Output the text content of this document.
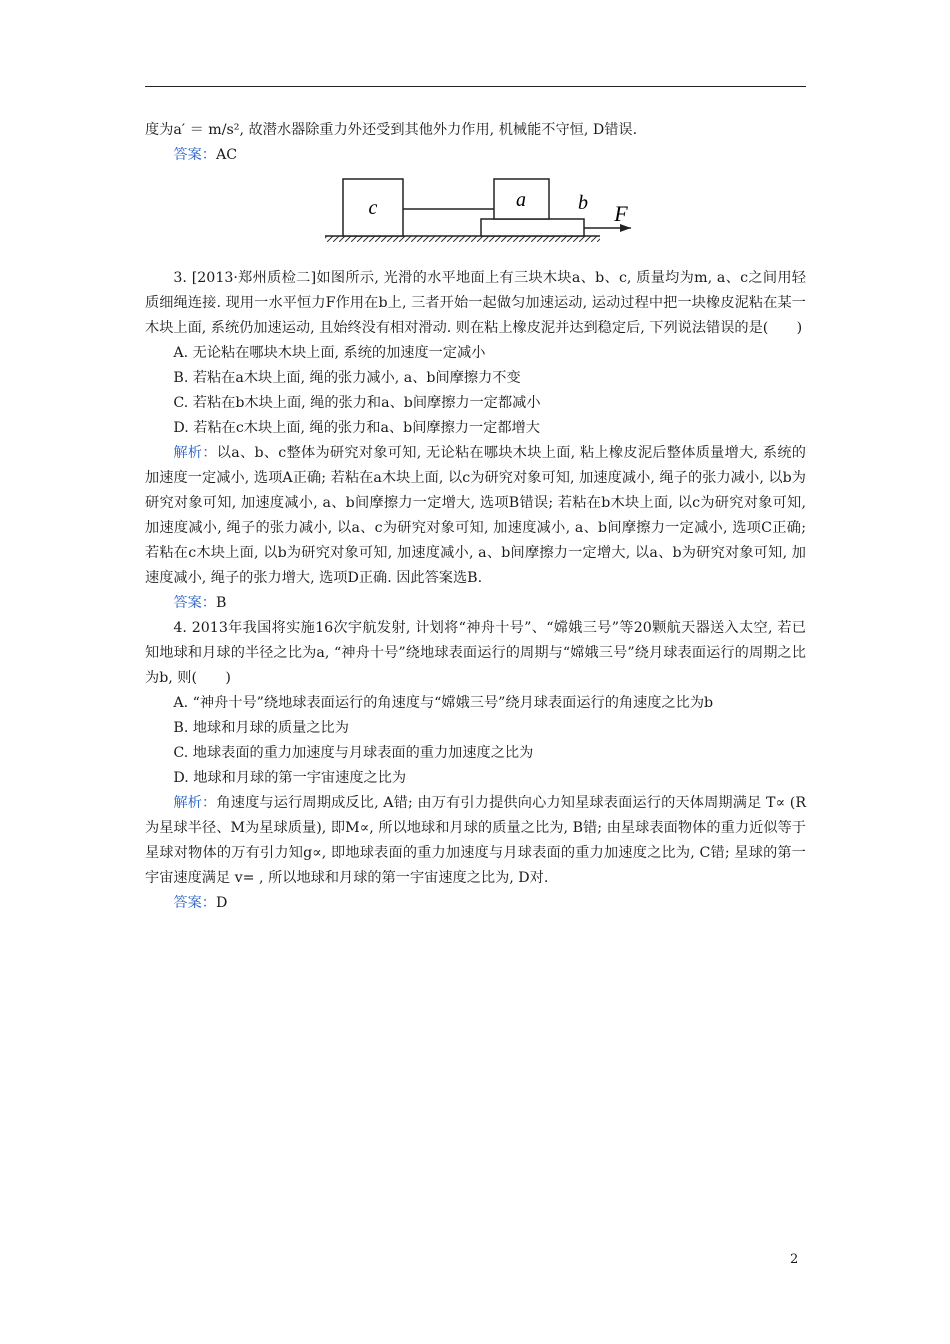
度为a′ ＝ m/s², 故潜水器除重力外还受到其他外力作用, 机械能不守恒, D错误.

答案：AC

c	a	b F

3. [2013·郑州质检二]如图所示, 光滑的水平地面上有三块木块a、b、c, 质量均为m, a、c之间用轻质细绳连接. 现用一水平恒力F作用在b上, 三者开始一起做匀加速运动, 运动过程中把一块橡皮泥粘在某一木块上面, 系统仍加速运动, 且始终没有相对滑动. 则在粘上橡皮泥并达到稳定后, 下列说法错误的是(　　)

A. 无论粘在哪块木块上面, 系统的加速度一定减小

B. 若粘在a木块上面, 绳的张力减小, a、b间摩擦力不变

C. 若粘在b木块上面, 绳的张力和a、b间摩擦力一定都减小

D. 若粘在c木块上面, 绳的张力和a、b间摩擦力一定都增大

解析：以a、b、c整体为研究对象可知, 无论粘在哪块木块上面, 粘上橡皮泥后整体质量增大, 系统的加速度一定减小, 选项A正确; 若粘在a木块上面, 以c为研究对象可知, 加速度减小, 绳子的张力减小, 以b为研究对象可知, 加速度减小, a、b间摩擦力一定增大, 选项B错误; 若粘在b木块上面, 以c为研究对象可知, 加速度减小, 绳子的张力减小, 以a、c为研究对象可知, 加速度减小, a、b间摩擦力一定减小, 选项C正确; 若粘在c木块上面, 以b为研究对象可知, 加速度减小, a、b间摩擦力一定增大, 以a、b为研究对象可知, 加速度减小, 绳子的张力增大, 选项D正确. 因此答案选B.

答案：B

4. 2013年我国将实施16次宇航发射, 计划将“神舟十号”、“嫦娥三号”等20颗航天器送入太空, 若已知地球和月球的半径之比为a, “神舟十号”绕地球表面运行的周期与“嫦娥三号”绕月球表面运行的周期之比为b, 则(　　)

A. “神舟十号”绕地球表面运行的角速度与“嫦娥三号”绕月球表面运行的角速度之比为b

B. 地球和月球的质量之比为

C. 地球表面的重力加速度与月球表面的重力加速度之比为

D. 地球和月球的第一宇宙速度之比为

解析：角速度与运行周期成反比, A错; 由万有引力提供向心力知星球表面运行的天体周期满足 T∝ (R为星球半径、M为星球质量), 即M∝, 所以地球和月球的质量之比为, B错; 由星球表面物体的重力近似等于星球对物体的万有引力知g∝, 即地球表面的重力加速度与月球表面的重力加速度之比为, C错; 星球的第一宇宙速度满足 v= , 所以地球和月球的第一宇宙速度之比为, D对.

答案：D

2
